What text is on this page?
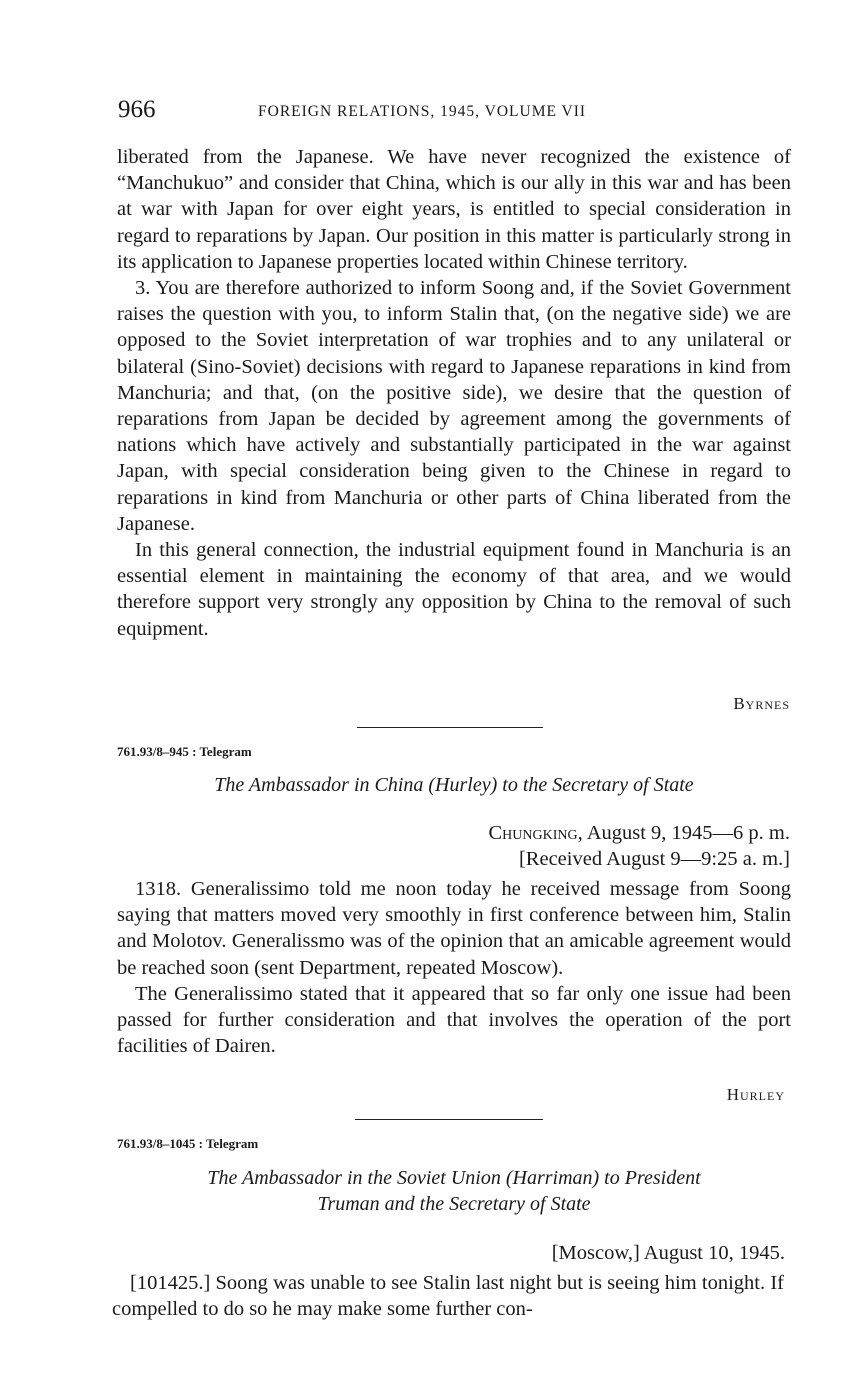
966	FOREIGN RELATIONS, 1945, VOLUME VII

liberated from the Japanese. We have never recognized the existence of “Manchukuo” and consider that China, which is our ally in this war and has been at war with Japan for over eight years, is entitled to special consideration in regard to reparations by Japan. Our position in this matter is particularly strong in its application to Japanese properties located within Chinese territory.

3. You are therefore authorized to inform Soong and, if the Soviet Government raises the question with you, to inform Stalin that, (on the negative side) we are opposed to the Soviet interpretation of war trophies and to any unilateral or bilateral (Sino-Soviet) decisions with regard to Japanese reparations in kind from Manchuria; and that, (on the positive side), we desire that the question of reparations from Japan be decided by agreement among the governments of nations which have actively and substantially participated in the war against Japan, with special consideration being given to the Chinese in regard to reparations in kind from Manchuria or other parts of China liberated from the Japanese.

In this general connection, the industrial equipment found in Manchuria is an essential element in maintaining the economy of that area, and we would therefore support very strongly any opposition by China to the removal of such equipment.

Byrnes
761.93/8–945 : Telegram
The Ambassador in China (Hurley) to the Secretary of State
Chungking, August 9, 1945—6 p. m.
[Received August 9—9:25 a. m.]

1318. Generalissimo told me noon today he received message from Soong saying that matters moved very smoothly in first conference between him, Stalin and Molotov. Generalissmo was of the opinion that an amicable agreement would be reached soon (sent Department, repeated Moscow).

The Generalissimo stated that it appeared that so far only one issue had been passed for further consideration and that involves the operation of the port facilities of Dairen.

Hurley
761.93/8–1045 : Telegram
The Ambassador in the Soviet Union (Harriman) to President
Truman and the Secretary of State
[Moscow,] August 10, 1945.

[101425.] Soong was unable to see Stalin last night but is seeing him tonight. If compelled to do so he may make some further con-
